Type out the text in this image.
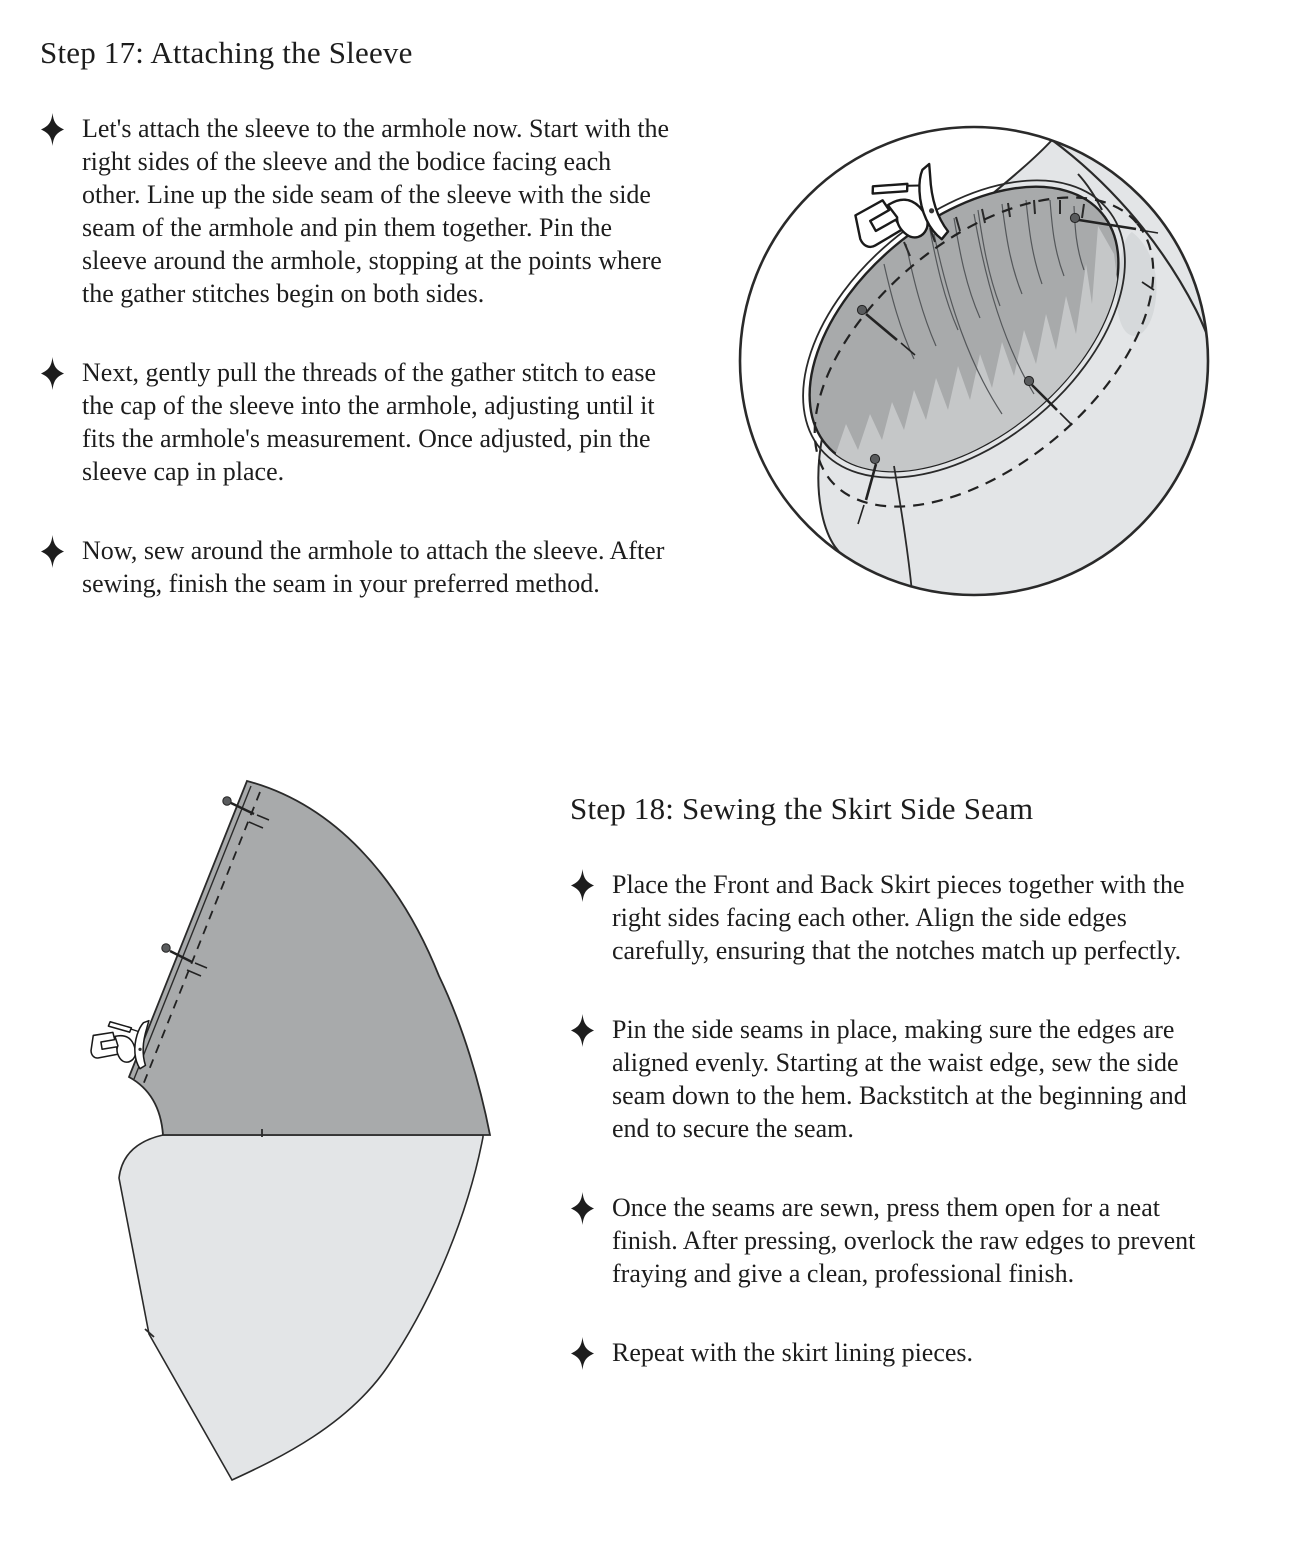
Step 17: Attaching the Sleeve
Let's attach the sleeve to the armhole now. Start with the right sides of the sleeve and the bodice facing each other. Line up the side seam of the sleeve with the side seam of the armhole and pin them together. Pin the sleeve around the armhole, stopping at the points where the gather stitches begin on both sides.
Next, gently pull the threads of the gather stitch to ease the cap of the sleeve into the armhole, adjusting until it fits the armhole's measurement. Once adjusted, pin the sleeve cap in place.
Now, sew around the armhole to attach the sleeve. After sewing, finish the seam in your preferred method.
Step 18: Sewing the Skirt Side Seam
Place the Front and Back Skirt pieces together with the right sides facing each other. Align the side edges carefully, ensuring that the notches match up perfectly.
Pin the side seams in place, making sure the edges are aligned evenly. Starting at the waist edge, sew the side seam down to the hem. Backstitch at the beginning and end to secure the seam.
Once the seams are sewn, press them open for a neat finish. After pressing, overlock the raw edges to prevent fraying and give a clean, professional finish.
Repeat with the skirt lining pieces.
